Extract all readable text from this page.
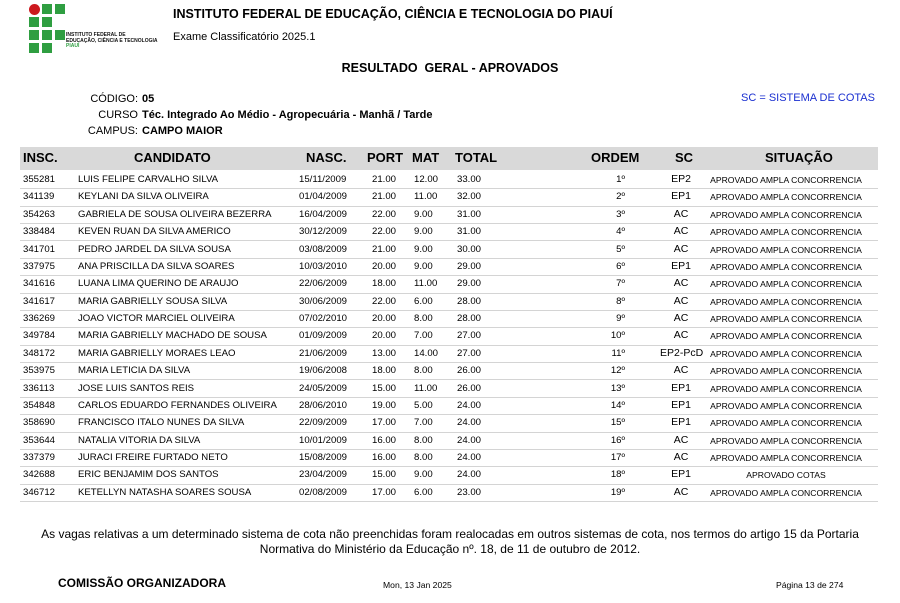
INSTITUTO FEDERAL DE
EDUCAÇÃO, CIÊNCIA E TECNOLOGIA
PIAUÍ
INSTITUTO FEDERAL DE EDUCAÇÃO, CIÊNCIA E TECNOLOGIA DO PIAUÍ
Exame Classificatório 2025.1
RESULTADO  GERAL - APROVADOS
CÓDIGO: 05
CURSO Téc. Integrado Ao Médio - Agropecuária - Manhã / Tarde
CAMPUS: CAMPO MAIOR
SC = SISTEMA DE COTAS
INSC.	CANDIDATO	NASC. PORT MAT TOTAL	ORDEM	SC	SITUAÇÃO
355281 LUIS FELIPE CARVALHO SILVA	15/11/2009	21.00 12.00 33.00	1º	EP2	APROVADO AMPLA CONCORRENCIA
341139 KEYLANI DA SILVA OLIVEIRA	01/04/2009	21.00 11.00 32.00	2º	EP1	APROVADO AMPLA CONCORRENCIA
354263 GABRIELA DE SOUSA OLIVEIRA BEZERRA	16/04/2009	22.00 9.00	31.00	3º	AC	APROVADO AMPLA CONCORRENCIA
338484 KEVEN RUAN DA SILVA AMERICO	30/12/2009	22.00 9.00	31.00	4º	AC	APROVADO AMPLA CONCORRENCIA
341701 PEDRO JARDEL DA SILVA SOUSA	03/08/2009	21.00 9.00	30.00	5º	AC	APROVADO AMPLA CONCORRENCIA
337975 ANA PRISCILLA DA SILVA SOARES	10/03/2010	20.00 9.00	29.00	6º	EP1	APROVADO AMPLA CONCORRENCIA
341616 LUANA LIMA QUERINO DE ARAUJO	22/06/2009	18.00 11.00 29.00	7º	AC	APROVADO AMPLA CONCORRENCIA
341617 MARIA GABRIELLY SOUSA SILVA	30/06/2009	22.00 6.00	28.00	8º	AC	APROVADO AMPLA CONCORRENCIA
336269 JOAO VICTOR MARCIEL OLIVEIRA	07/02/2010	20.00 8.00	28.00	9º	AC	APROVADO AMPLA CONCORRENCIA
349784 MARIA GABRIELLY MACHADO DE SOUSA	01/09/2009	20.00 7.00	27.00	10º	AC	APROVADO AMPLA CONCORRENCIA
348172 MARIA GABRIELLY MORAES LEAO	21/06/2009	13.00 14.00 27.00	11º	EP2-PcD APROVADO AMPLA CONCORRENCIA
353975 MARIA LETICIA DA SILVA	19/06/2008	18.00 8.00	26.00	12º	AC	APROVADO AMPLA CONCORRENCIA
336113 JOSE LUIS SANTOS REIS	24/05/2009	15.00 11.00 26.00	13º	EP1	APROVADO AMPLA CONCORRENCIA
354848 CARLOS EDUARDO FERNANDES OLIVEIRA 28/06/2010	19.00 5.00	24.00	14º	EP1	APROVADO AMPLA CONCORRENCIA
358690 FRANCISCO ITALO NUNES DA SILVA	22/09/2009	17.00 7.00	24.00	15º	EP1	APROVADO AMPLA CONCORRENCIA
353644 NATALIA VITORIA DA SILVA	10/01/2009	16.00 8.00	24.00	16º	AC	APROVADO AMPLA CONCORRENCIA
337379 JURACI FREIRE FURTADO NETO	15/08/2009	16.00 8.00	24.00	17º	AC	APROVADO AMPLA CONCORRENCIA
342688 ERIC BENJAMIM DOS SANTOS	23/04/2009	15.00 9.00	24.00	18º	EP1	APROVADO COTAS
346712 KETELLYN NATASHA SOARES SOUSA	02/08/2009	17.00 6.00	23.00	19º	AC	APROVADO AMPLA CONCORRENCIA
As vagas relativas a um determinado sistema de cota não preenchidas foram realocadas em outros sistemas de cota, nos termos do artigo 15 da Portaria Normativa do Ministério da Educação nº. 18, de 11 de outubro de 2012.
COMISSÃO ORGANIZADORA	Mon, 13 Jan 2025	Página 13 de 274
